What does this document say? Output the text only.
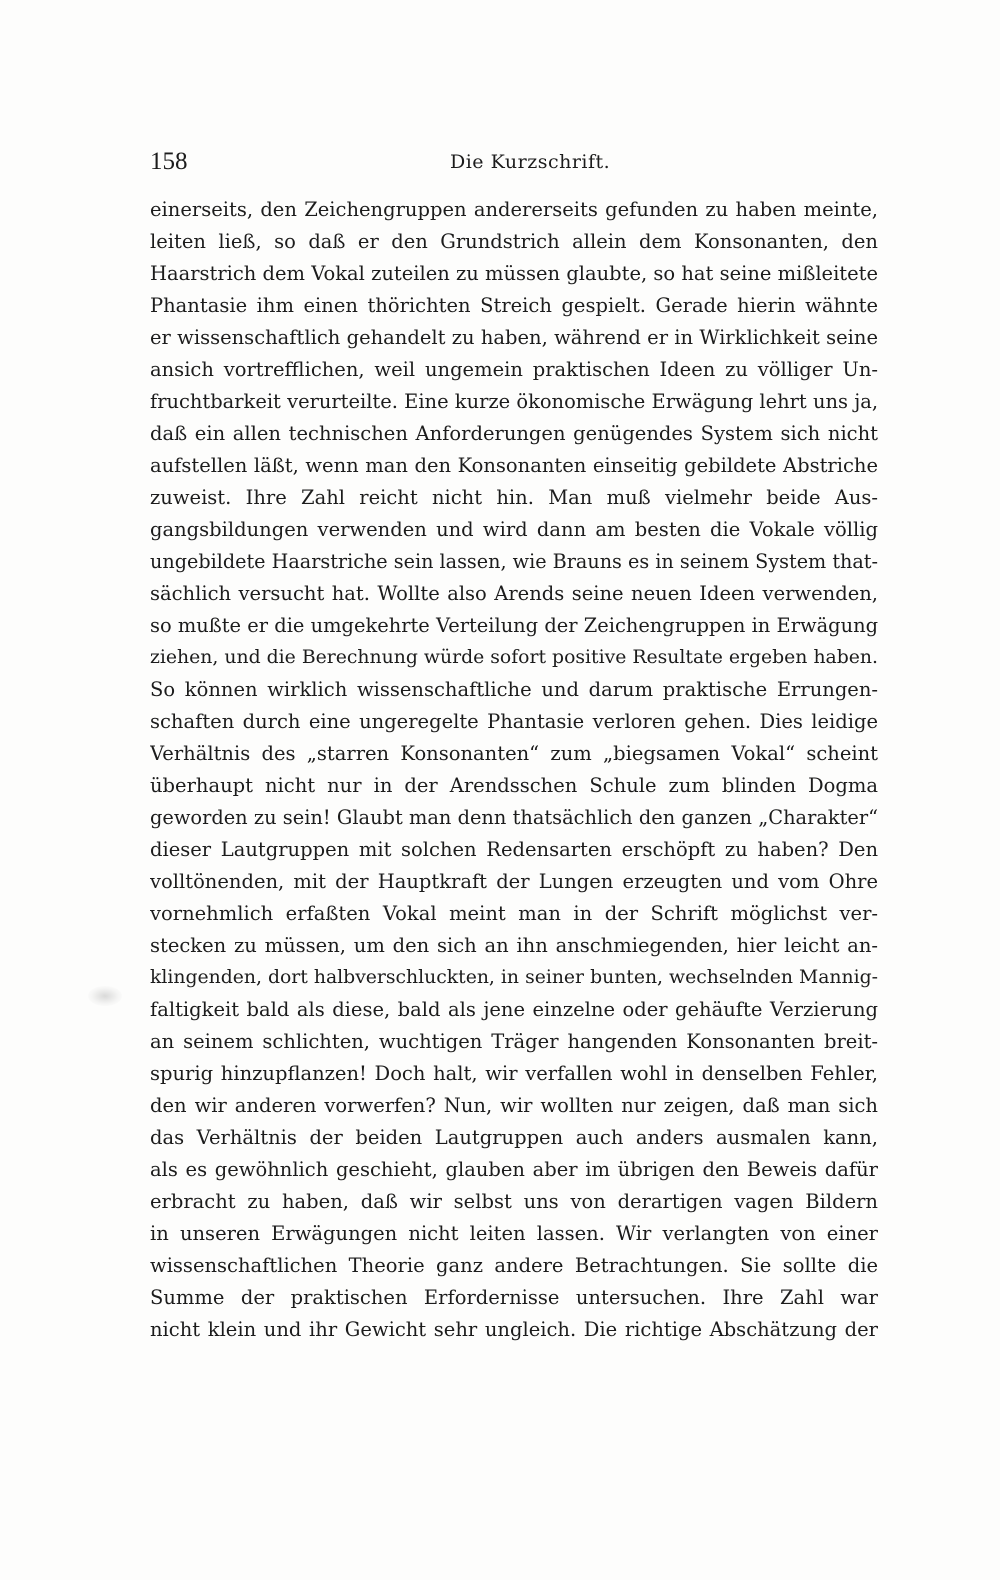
158	Die Kurzschrift.
einerseits, den Zeichengruppen andererseits gefunden zu haben meinte,
leiten ließ, so daß er den Grundstrich allein dem Konsonanten, den
Haarstrich dem Vokal zuteilen zu müssen glaubte, so hat seine mißleitete
Phantasie ihm einen thörichten Streich gespielt. Gerade hierin wähnte
er wissenschaftlich gehandelt zu haben, während er in Wirklichkeit seine
ansich vortrefflichen, weil ungemein praktischen Ideen zu völliger Un-
fruchtbarkeit verurteilte. Eine kurze ökonomische Erwägung lehrt uns ja,
daß ein allen technischen Anforderungen genügendes System sich nicht
aufstellen läßt, wenn man den Konsonanten einseitig gebildete Abstriche
zuweist. Ihre Zahl reicht nicht hin. Man muß vielmehr beide Aus-
gangsbildungen verwenden und wird dann am besten die Vokale völlig
ungebildete Haarstriche sein lassen, wie Brauns es in seinem System that-
sächlich versucht hat. Wollte also Arends seine neuen Ideen verwenden,
so mußte er die umgekehrte Verteilung der Zeichengruppen in Erwägung
ziehen, und die Berechnung würde sofort positive Resultate ergeben haben.
So können wirklich wissenschaftliche und darum praktische Errungen-
schaften durch eine ungeregelte Phantasie verloren gehen. Dies leidige
Verhältnis des „starren Konsonanten“ zum „biegsamen Vokal“ scheint
überhaupt nicht nur in der Arendsschen Schule zum blinden Dogma
geworden zu sein! Glaubt man denn thatsächlich den ganzen „Charakter“
dieser Lautgruppen mit solchen Redensarten erschöpft zu haben? Den
volltönenden, mit der Hauptkraft der Lungen erzeugten und vom Ohre
vornehmlich erfaßten Vokal meint man in der Schrift möglichst ver-
stecken zu müssen, um den sich an ihn anschmiegenden, hier leicht an-
klingenden, dort halbverschluckten, in seiner bunten, wechselnden Mannig-
faltigkeit bald als diese, bald als jene einzelne oder gehäufte Verzierung
an seinem schlichten, wuchtigen Träger hangenden Konsonanten breit-
spurig hinzupflanzen! Doch halt, wir verfallen wohl in denselben Fehler,
den wir anderen vorwerfen? Nun, wir wollten nur zeigen, daß man sich
das Verhältnis der beiden Lautgruppen auch anders ausmalen kann,
als es gewöhnlich geschieht, glauben aber im übrigen den Beweis dafür
erbracht zu haben, daß wir selbst uns von derartigen vagen Bildern
in unseren Erwägungen nicht leiten lassen. Wir verlangten von einer
wissenschaftlichen Theorie ganz andere Betrachtungen. Sie sollte die
Summe der praktischen Erfordernisse untersuchen. Ihre Zahl war
nicht klein und ihr Gewicht sehr ungleich. Die richtige Abschätzung der
